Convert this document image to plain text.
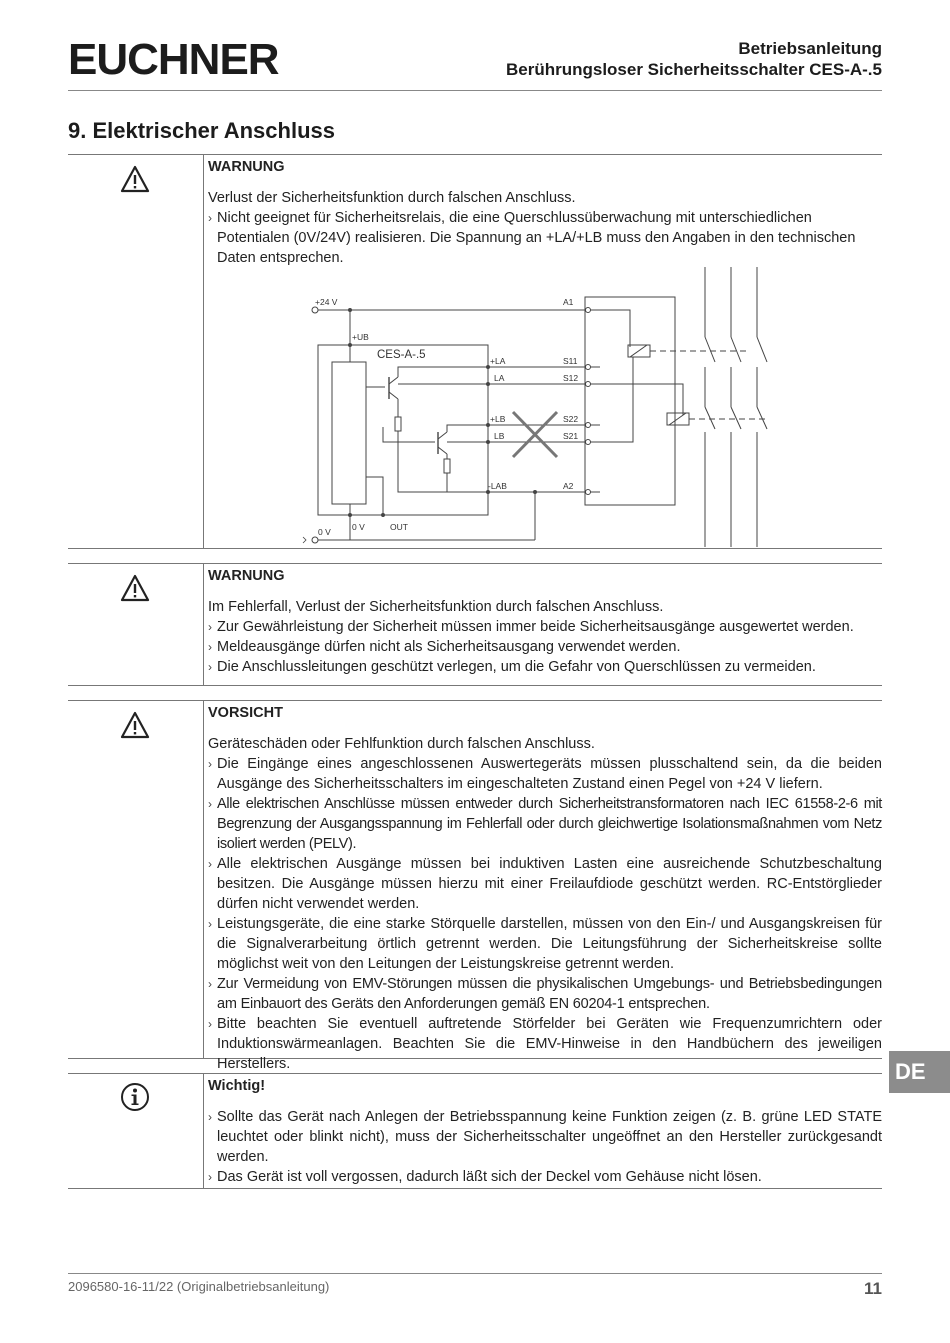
EUCHNER	Betriebsanleitung
Berührungsloser Sicherheitsschalter CES-A-.5
9. Elektrischer Anschluss
WARNUNG
Verlust der Sicherheitsfunktion durch falschen Anschluss.
› Nicht geeignet für Sicherheitsrelais, die eine Querschlussüberwachung mit unterschiedlichen Potentialen (0V/24V) realisieren. Die Spannung an +LA/+LB muss den Angaben in den technischen Daten entsprechen.
+24 V	A1
+UB
CES-A-.5	+LA	S11
LA	S12
+LB	S22
LB	S21
-LAB	A2
0 V	OUT
0 V
WARNUNG
Im Fehlerfall, Verlust der Sicherheitsfunktion durch falschen Anschluss.
› Zur Gewährleistung der Sicherheit müssen immer beide Sicherheitsausgänge ausgewertet werden.
› Meldeausgänge dürfen nicht als Sicherheitsausgang verwendet werden.
› Die Anschlussleitungen geschützt verlegen, um die Gefahr von Querschlüssen zu vermeiden.
VORSICHT
Geräteschäden oder Fehlfunktion durch falschen Anschluss.
› Die Eingänge eines angeschlossenen Auswertegeräts müssen plusschaltend sein, da die beiden Ausgänge des Sicherheitsschalters im eingeschalteten Zustand einen Pegel von +24 V liefern.
› Alle elektrischen Anschlüsse müssen entweder durch Sicherheitstransformatoren nach IEC 61558-2-6 mit Begrenzung der Ausgangsspannung im Fehlerfall oder durch gleichwertige Isolationsmaßnahmen vom Netz isoliert werden (PELV).
› Alle elektrischen Ausgänge müssen bei induktiven Lasten eine ausreichende Schutzbeschaltung besitzen. Die Ausgänge müssen hierzu mit einer Freilaufdiode geschützt werden. RC-Entstörglieder dürfen nicht verwendet werden.
› Leistungsgeräte, die eine starke Störquelle darstellen, müssen von den Ein-/ und Ausgangskreisen für die Signalverarbeitung örtlich getrennt werden. Die Leitungsführung der Sicherheitskreise sollte möglichst weit von den Leitungen der Leistungskreise getrennt werden.
› Zur Vermeidung von EMV-Störungen müssen die physikalischen Umgebungs- und Betriebsbedingungen am Einbauort des Geräts den Anforderungen gemäß EN 60204-1 entsprechen.
› Bitte beachten Sie eventuell auftretende Störfelder bei Geräten wie Frequenzumrichtern oder Induktionswärmeanlagen. Beachten Sie die EMV-Hinweise in den Handbüchern des jeweiligen Herstellers.
Wichtig!
› Sollte das Gerät nach Anlegen der Betriebsspannung keine Funktion zeigen (z. B. grüne LED STATE leuchtet oder blinkt nicht), muss der Sicherheitsschalter ungeöffnet an den Hersteller zurückgesandt werden.
› Das Gerät ist voll vergossen, dadurch läßt sich der Deckel vom Gehäuse nicht lösen.
DE
2096580-16-11/22 (Originalbetriebsanleitung)	11
